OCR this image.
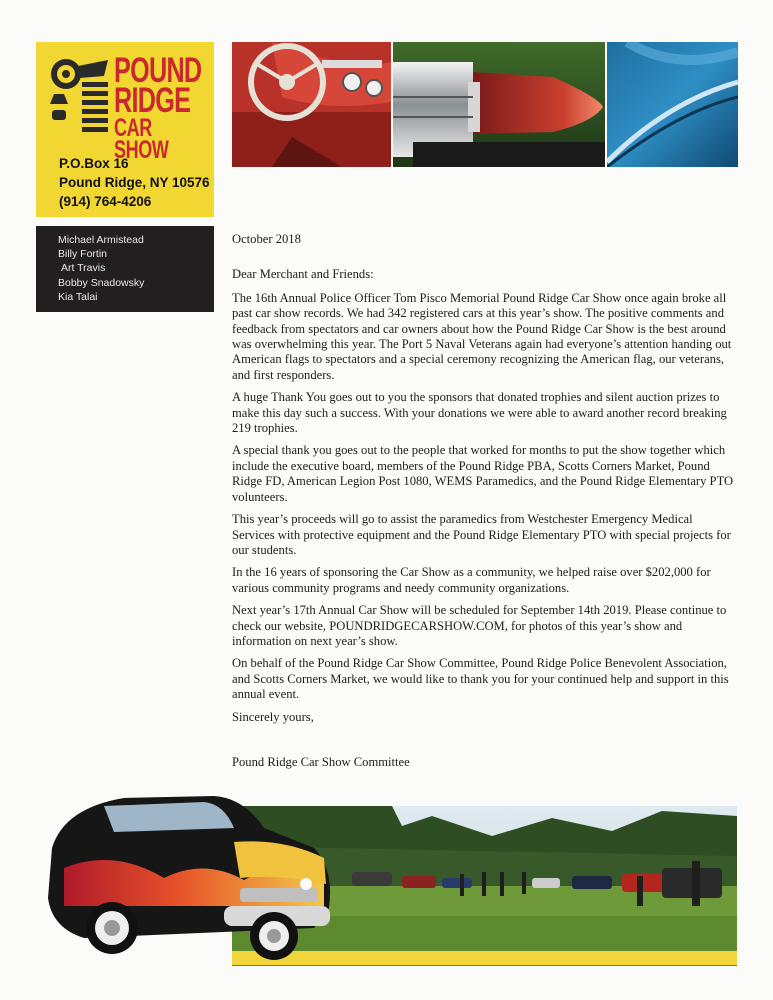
POUND
RIDGE
CAR SHOW
P.O.Box 16
Pound Ridge, NY 10576
(914) 764-4206
Michael Armistead
Billy Fortin
Art Travis
Bobby Snadowsky
Kia Talai

October 2018

Dear Merchant and Friends:

The 16th Annual Police Officer Tom Pisco Memorial Pound Ridge Car Show once again broke all past car show records. We had 342 registered cars at this year’s show. The positive comments and feedback from spectators and car owners about how the Pound Ridge Car Show is the best around was overwhelming this year. The Port 5 Naval Veterans again had everyone’s attention handing out American flags to spectators and a special ceremony recognizing the American flag, our veterans, and first responders.

A huge Thank You goes out to you the sponsors that donated trophies and silent auction prizes to make this day such a success. With your donations we were able to award another record breaking 219 trophies.

A special thank you goes out to the people that worked for months to put the show together which include the executive board, members of the Pound Ridge PBA, Scotts Corners Market, Pound Ridge FD, American Legion Post 1080, WEMS Paramedics, and the Pound Ridge Elementary PTO volunteers.

This year’s proceeds will go to assist the paramedics from Westchester Emergency Medical Services with protective equipment and the Pound Ridge Elementary PTO with special projects for our students.

In the 16 years of sponsoring the Car Show as a community, we helped raise over $202,000 for various community programs and needy community organizations.

Next year’s 17th Annual Car Show will be scheduled for September 14th 2019. Please continue to check our website, POUNDRIDGECARSHOW.COM, for photos of this year’s show and information on next year’s show.

On behalf of the Pound Ridge Car Show Committee, Pound Ridge Police Benevolent Association, and Scotts Corners Market, we would like to thank you for your continued help and support in this annual event.

Sincerely yours,

Pound Ridge Car Show Committee
